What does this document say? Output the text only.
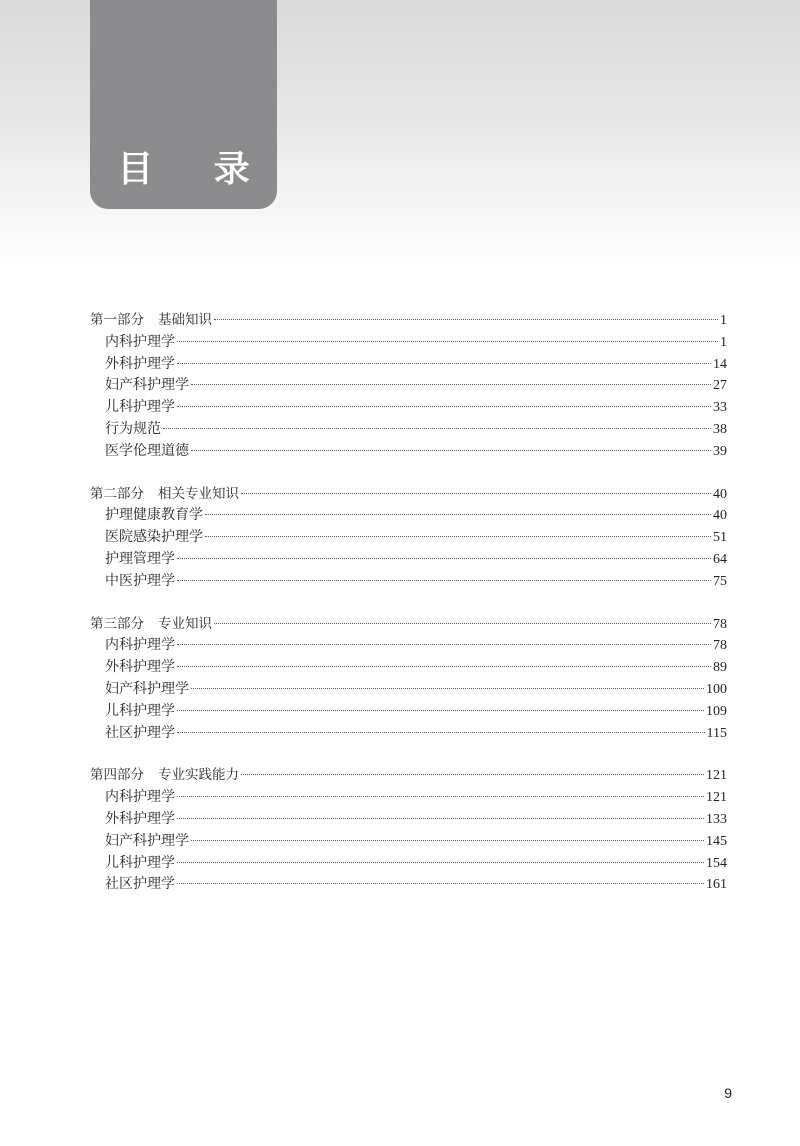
目 录
第一部分 基础知识	1
内科护理学	1
外科护理学	14
妇产科护理学	27
儿科护理学	33
行为规范	38
医学伦理道德	39
第二部分 相关专业知识	40
护理健康教育学	40
医院感染护理学	51
护理管理学	64
中医护理学	75
第三部分 专业知识	78
内科护理学	78
外科护理学	89
妇产科护理学	100
儿科护理学	109
社区护理学	115
第四部分 专业实践能力	121
内科护理学	121
外科护理学	133
妇产科护理学	145
儿科护理学	154
社区护理学	161
9
